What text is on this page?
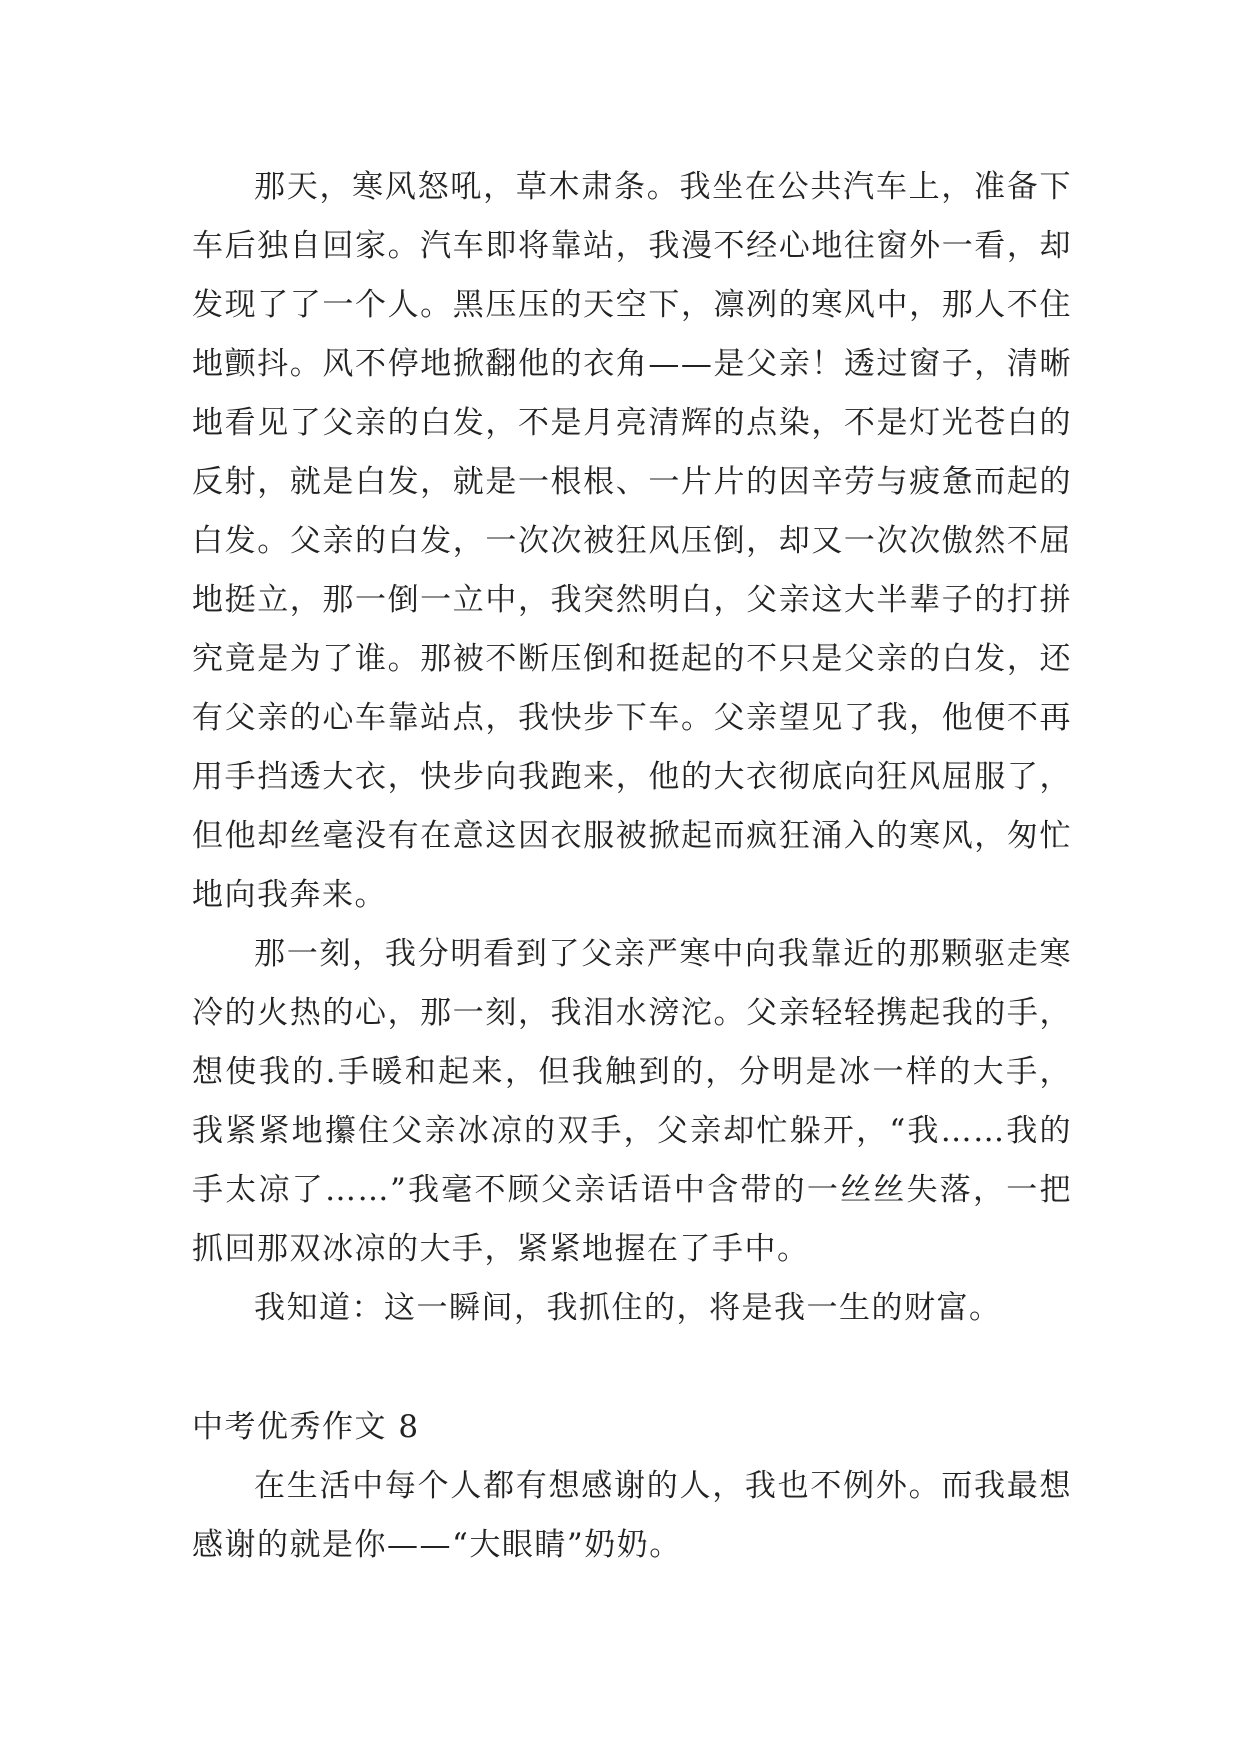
那天，寒风怒吼，草木肃条。我坐在公共汽车上，准备下车后独自回家。汽车即将靠站，我漫不经心地往窗外一看，却发现了了一个人。黑压压的天空下，凛冽的寒风中，那人不住地颤抖。风不停地掀翻他的衣角——是父亲！透过窗子，清晰地看见了父亲的白发，不是月亮清辉的点染，不是灯光苍白的反射，就是白发，就是一根根、一片片的因辛劳与疲惫而起的白发。父亲的白发，一次次被狂风压倒，却又一次次傲然不屈地挺立，那一倒一立中，我突然明白，父亲这大半辈子的打拼究竟是为了谁。那被不断压倒和挺起的不只是父亲的白发，还有父亲的心车靠站点，我快步下车。父亲望见了我，他便不再用手挡透大衣，快步向我跑来，他的大衣彻底向狂风屈服了，但他却丝毫没有在意这因衣服被掀起而疯狂涌入的寒风，匆忙地向我奔来。

那一刻，我分明看到了父亲严寒中向我靠近的那颗驱走寒冷的火热的心，那一刻，我泪水滂沱。父亲轻轻携起我的手，想使我的.手暖和起来，但我触到的，分明是冰一样的大手，我紧紧地攥住父亲冰凉的双手，父亲却忙躲开，“我……我的手太凉了……”我毫不顾父亲话语中含带的一丝丝失落，一把抓回那双冰凉的大手，紧紧地握在了手中。

我知道：这一瞬间，我抓住的，将是我一生的财富。

中考优秀作文 8

在生活中每个人都有想感谢的人，我也不例外。而我最想感谢的就是你——“大眼睛”奶奶。
